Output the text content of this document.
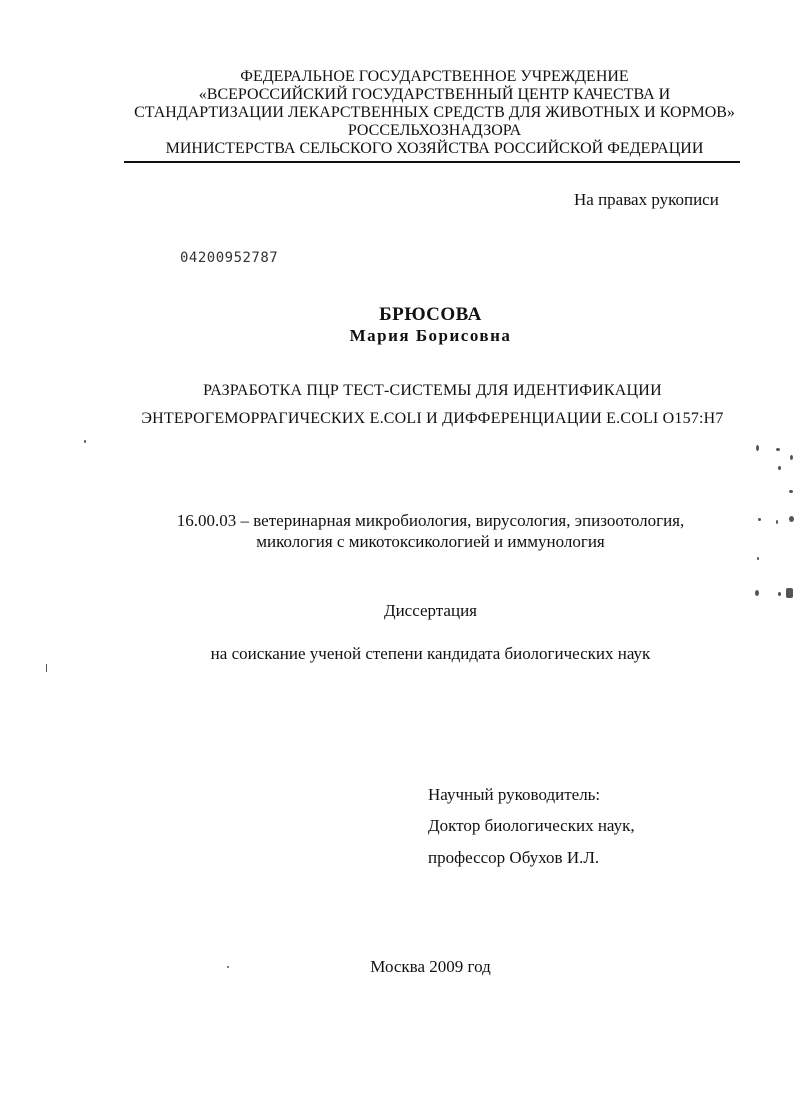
ФЕДЕРАЛЬНОЕ ГОСУДАРСТВЕННОЕ УЧРЕЖДЕНИЕ
«ВСЕРОССИЙСКИЙ ГОСУДАРСТВЕННЫЙ ЦЕНТР КАЧЕСТВА И
СТАНДАРТИЗАЦИИ ЛЕКАРСТВЕННЫХ СРЕДСТВ ДЛЯ ЖИВОТНЫХ И КОРМОВ»
РОССЕЛЬХОЗНАДЗОРА
МИНИСТЕРСТВА СЕЛЬСКОГО ХОЗЯЙСТВА РОССИЙСКОЙ ФЕДЕРАЦИИ
На правах рукописи
04200952787
БРЮСОВА
Мария Борисовна
РАЗРАБОТКА ПЦР ТЕСТ-СИСТЕМЫ ДЛЯ ИДЕНТИФИКАЦИИ
ЭНТЕРОГЕМОРРАГИЧЕСКИХ E.COLI И ДИФФЕРЕНЦИАЦИИ E.COLI O157:H7
16.00.03 – ветеринарная микробиология, вирусология, эпизоотология,
микология с микотоксикологией и иммунология
Диссертация
на соискание ученой степени кандидата биологических наук
Научный руководитель:
Доктор биологических наук,
профессор Обухов И.Л.
Москва 2009 год
